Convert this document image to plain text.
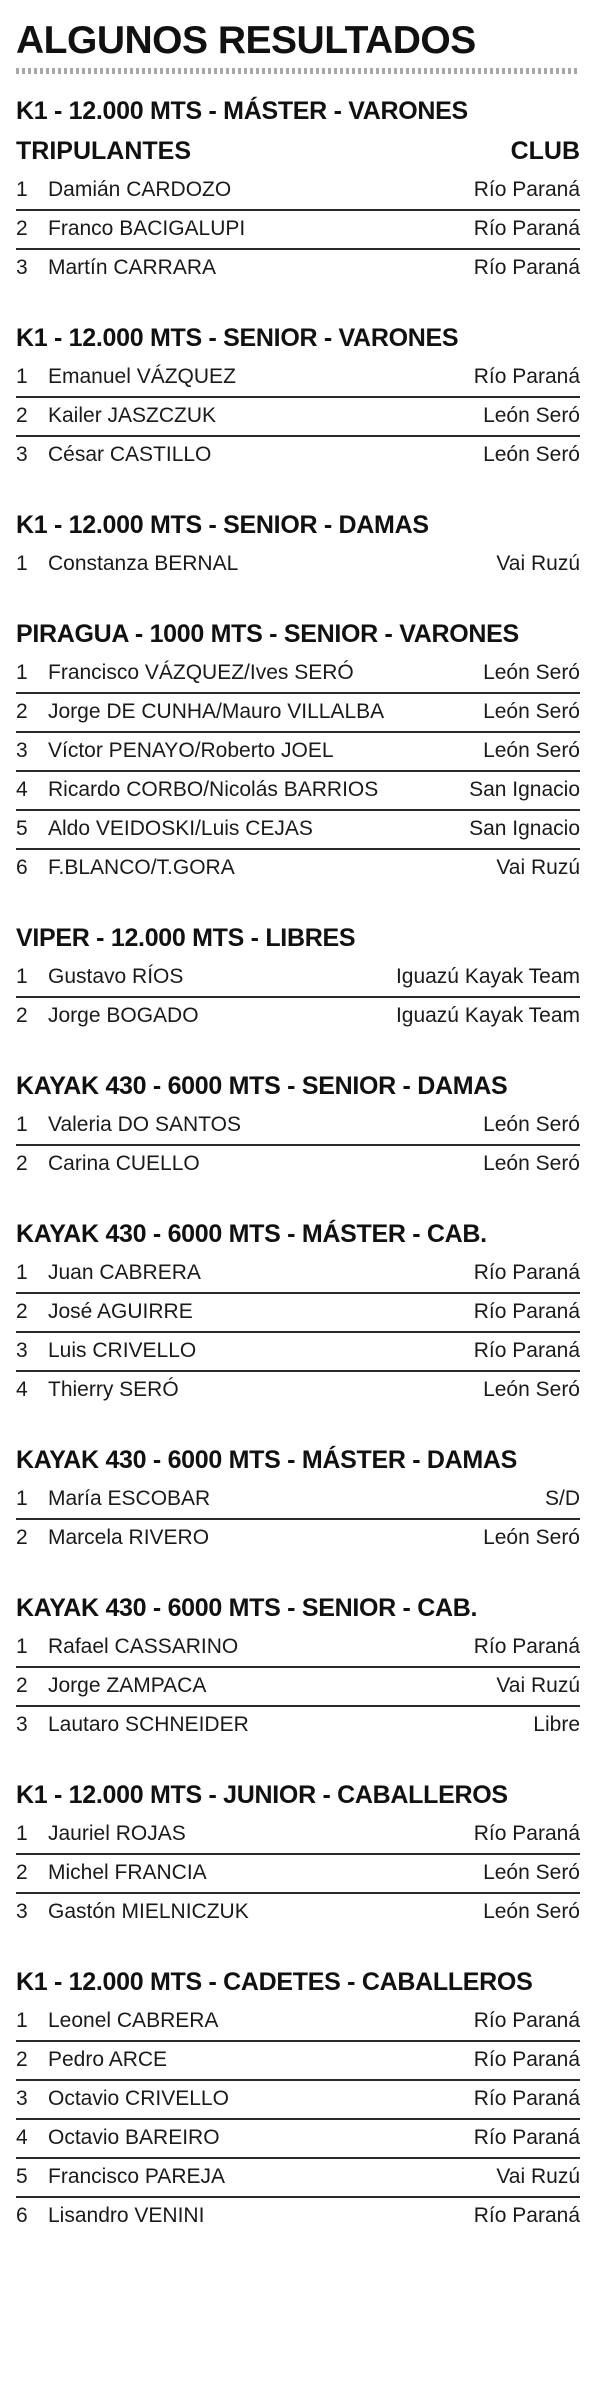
ALGUNOS RESULTADOS
K1 - 12.000 MTS - MÁSTER - VARONES
TRIPULANTES	CLUB
1 Damián CARDOZO	Río Paraná
2 Franco BACIGALUPI	Río Paraná
3 Martín CARRARA	Río Paraná
K1 - 12.000 MTS - SENIOR - VARONES
1 Emanuel VÁZQUEZ	Río Paraná
2 Kailer JASZCZUK	León Seró
3 César CASTILLO	León Seró
K1 - 12.000 MTS - SENIOR - DAMAS
1 Constanza BERNAL	Vai Ruzú
PIRAGUA - 1000 MTS - SENIOR - VARONES
1 Francisco VÁZQUEZ/Ives SERÓ	León Seró
2 Jorge DE CUNHA/Mauro VILLALBA	León Seró
3 Víctor PENAYO/Roberto JOEL	León Seró
4 Ricardo CORBO/Nicolás BARRIOS	San Ignacio
5 Aldo VEIDOSKI/Luis CEJAS	San Ignacio
6 F.BLANCO/T.GORA	Vai Ruzú
VIPER - 12.000 MTS - LIBRES
1 Gustavo RÍOS	Iguazú Kayak Team
2 Jorge BOGADO	Iguazú Kayak Team
KAYAK 430 - 6000 MTS - SENIOR - DAMAS
1 Valeria DO SANTOS	León Seró
2 Carina CUELLO	León Seró
KAYAK 430 - 6000 MTS - MÁSTER - CAB.
1 Juan CABRERA	Río Paraná
2 José AGUIRRE	Río Paraná
3 Luis CRIVELLO	Río Paraná
4 Thierry SERÓ	León Seró
KAYAK 430 - 6000 MTS - MÁSTER - DAMAS
1 María ESCOBAR	S/D
2 Marcela RIVERO	León Seró
KAYAK 430 - 6000 MTS - SENIOR - CAB.
1 Rafael CASSARINO	Río Paraná
2 Jorge ZAMPACA	Vai Ruzú
3 Lautaro SCHNEIDER	Libre
K1 - 12.000 MTS - JUNIOR - CABALLEROS
1 Jauriel ROJAS	Río Paraná
2 Michel FRANCIA	León Seró
3 Gastón MIELNICZUK	León Seró
K1 - 12.000 MTS - CADETES - CABALLEROS
1 Leonel CABRERA	Río Paraná
2 Pedro ARCE	Río Paraná
3 Octavio CRIVELLO	Río Paraná
4 Octavio BAREIRO	Río Paraná
5 Francisco PAREJA	Vai Ruzú
6 Lisandro VENINI	Río Paraná
